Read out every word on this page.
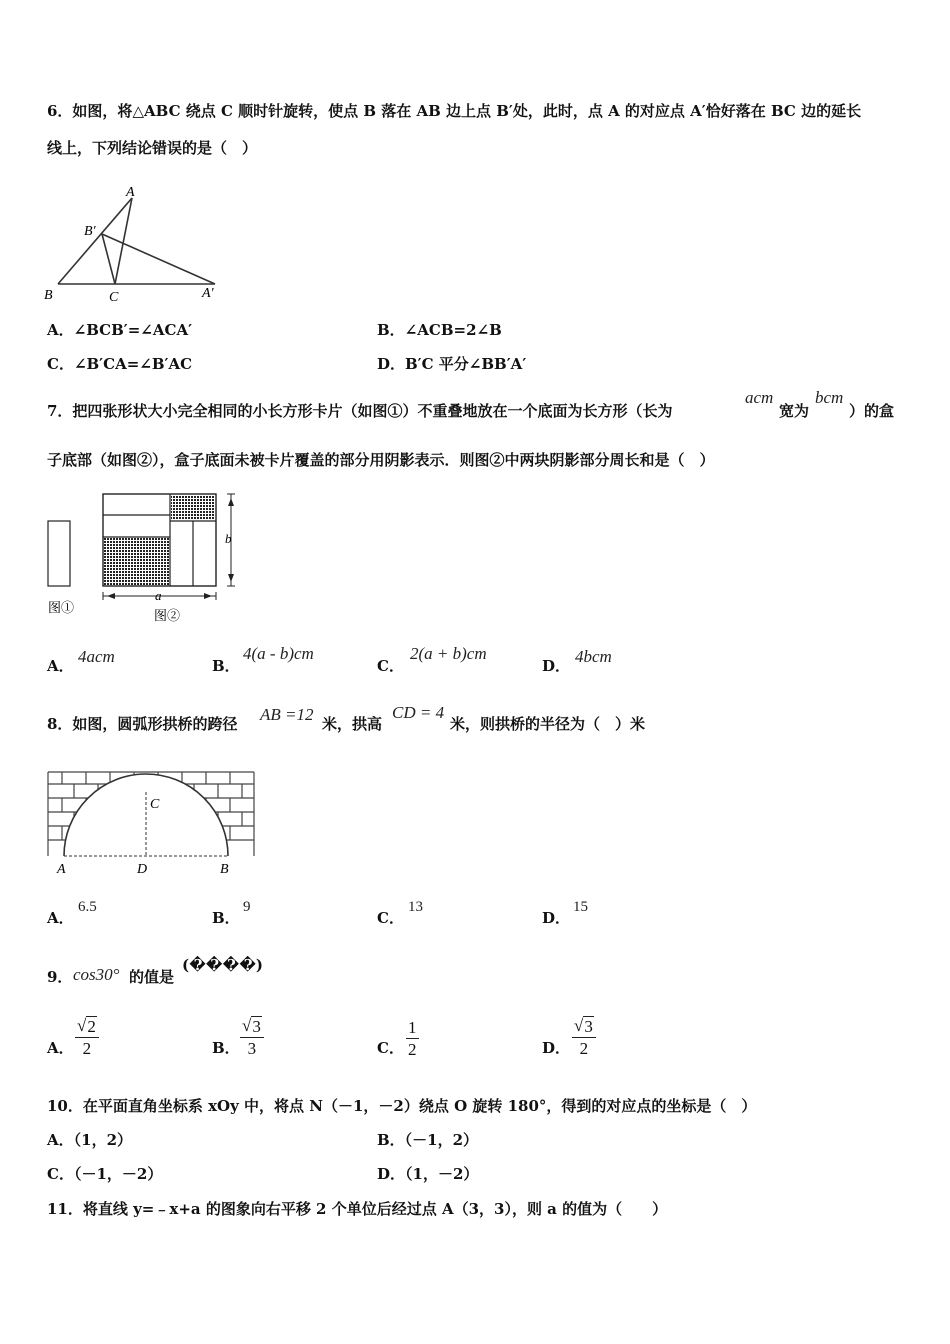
6．如图，将△ABC 绕点 C 顺时针旋转，使点 B 落在 AB 边上点 B′处，此时，点 A 的对应点 A′恰好落在 BC 边的延长
线上，下列结论错误的是（　）
A
B′
B	C	A′
A．∠BCB′=∠ACA′	B．∠ACB=2∠B
C．∠B′CA=∠B′AC	D．B′C 平分∠BB′A′
7．把四张形状大小完全相同的小长方形卡片（如图①）不重叠地放在一个底面为长方形（长为
acm
宽为
bcm
）的盒
子底部（如图②），盒子底面未被卡片覆盖的部分用阴影表示．则图②中两块阴影部分周长和是（　）
b
a
图①
图②
A． 4acm	B．
4(a - b)cm
C．
2(a + b)cm
D． 4bcm
8．如图，圆弧形拱桥的跨径 AB =12 米，拱高
CD = 4
米，则拱桥的半径为（　）米
C
A	D	B
A．
6.5
B．
9
C．
13
D．
15
9． cos30° 的值是
(����)
A．
√ 2
2	B．
√ 3
3	C．
1
2	D．
√ 3
2
10．在平面直角坐标系 xOy 中，将点 N（－1，－2）绕点 O 旋转 180°，得到的对应点的坐标是（　）
A．（1，2）	B．（－1，2）
C．（－1，－2）	D．（1，－2）
11．将直线 y=﹣x+a 的图象向右平移 2 个单位后经过点 A（3，3），则 a 的值为（　　）
